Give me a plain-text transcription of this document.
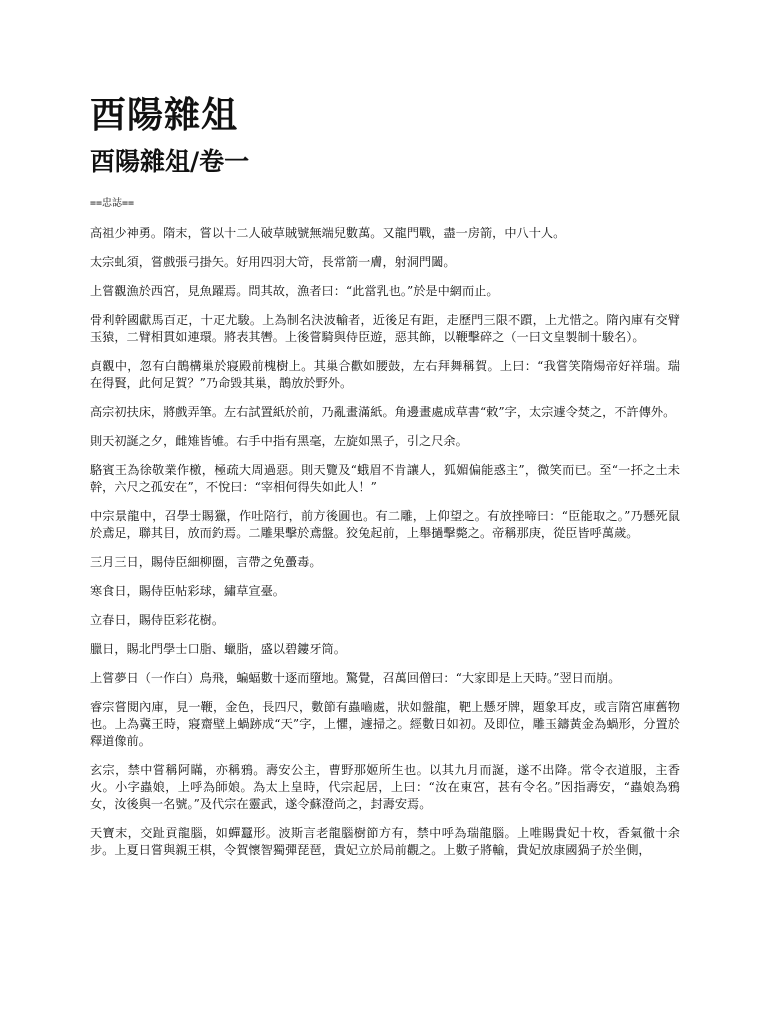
酉陽雜俎
酉陽雜俎/卷一
==忠誌==

高祖少神勇。隋末，嘗以十二人破草賊號無端兒數萬。又龍門戰，盡一房箭，中八十人。

太宗虬須，嘗戲張弓掛矢。好用四羽大笴，長常箭一膚，射洞門闔。

上嘗觀漁於西宮，見魚躍焉。問其故，漁者曰：“此當乳也。”於是中網而止。

骨利幹國獻馬百疋，十疋尤駿。上為制名決波輸者，近後足有距，走歷門三限不躓，上尤惜之。隋內庫有交臂玉猿，二臂相貫如連環。將表其轡。上後嘗騎與侍臣遊，惡其飾，以鞭擊碎之（一曰文皇製制十駿名）。

貞觀中，忽有白鵲構巢於寢殿前槐樹上。其巢合歡如腰鼓，左右拜舞稱賀。上曰：“我嘗笑隋煬帝好祥瑞。瑞在得賢，此何足賀？”乃命毀其巢，鵲放於野外。

高宗初扶床，將戲弄筆。左右試置紙於前，乃亂畫滿紙。角邊畫處成草書“敕”字，太宗遽令焚之，不許傳外。

則天初誕之夕，雌雉皆雊。右手中指有黑毫，左旋如黑子，引之尺余。

駱賓王為徐敬業作檄，極疏大周過惡。則天覽及“蛾眉不肯讓人，狐媚偏能惑主”，微笑而已。至“一抔之土未幹，六尺之孤安在”，不悅曰：“宰相何得失如此人！”

中宗景龍中，召學士賜獵，作吐陪行，前方後圓也。有二雕，上仰望之。有放挫啼曰：“臣能取之。”乃懸死鼠於鳶足，聯其目，放而釣焉。二雕果擊於鳶盤。狡兔起前，上舉撾擊斃之。帝稱那庚，從臣皆呼萬歲。

三月三日，賜侍臣細柳圈，言帶之免蠆毒。

寒食日，賜侍臣帖彩球，繡草宣臺。

立春日，賜侍臣彩花樹。

臘日，賜北門學士口脂、蠟脂，盛以碧鏤牙筒。

上嘗夢日（一作白）鳥飛，蝙蝠數十逐而墮地。驚覺，召萬回僧曰：“大家即是上天時。”翌日而崩。

睿宗嘗閱內庫，見一鞭，金色，長四尺，數節有蟲嚙處，狀如盤龍，靶上懸牙牌，題象耳皮，或言隋宮庫舊物也。上為冀王時，寢齋壁上蝸跡成“天”字，上懼，遽掃之。經數日如初。及即位，雕玉鑄黃金為蝸形，分置於釋道像前。

玄宗，禁中嘗稱阿瞞，亦稱鴉。壽安公主，曹野那姬所生也。以其九月而誕，遂不出降。常令衣道服，主香火。小字蟲娘，上呼為師娘。為太上皇時，代宗起居，上曰：“汝在東宮，甚有令名。”因指壽安，“蟲娘為鴉女，汝後與一名號。”及代宗在靈武，遂令蘇澄尚之，封壽安焉。

天寶末，交趾貢龍腦，如蟬蠶形。波斯言老龍腦樹節方有，禁中呼為瑞龍腦。上唯賜貴妃十枚，香氣徹十余步。上夏日嘗與親王棋，令賀懷智獨彈琵琶，貴妃立於局前觀之。上數子將輸，貴妃放康國猧子於坐側，
